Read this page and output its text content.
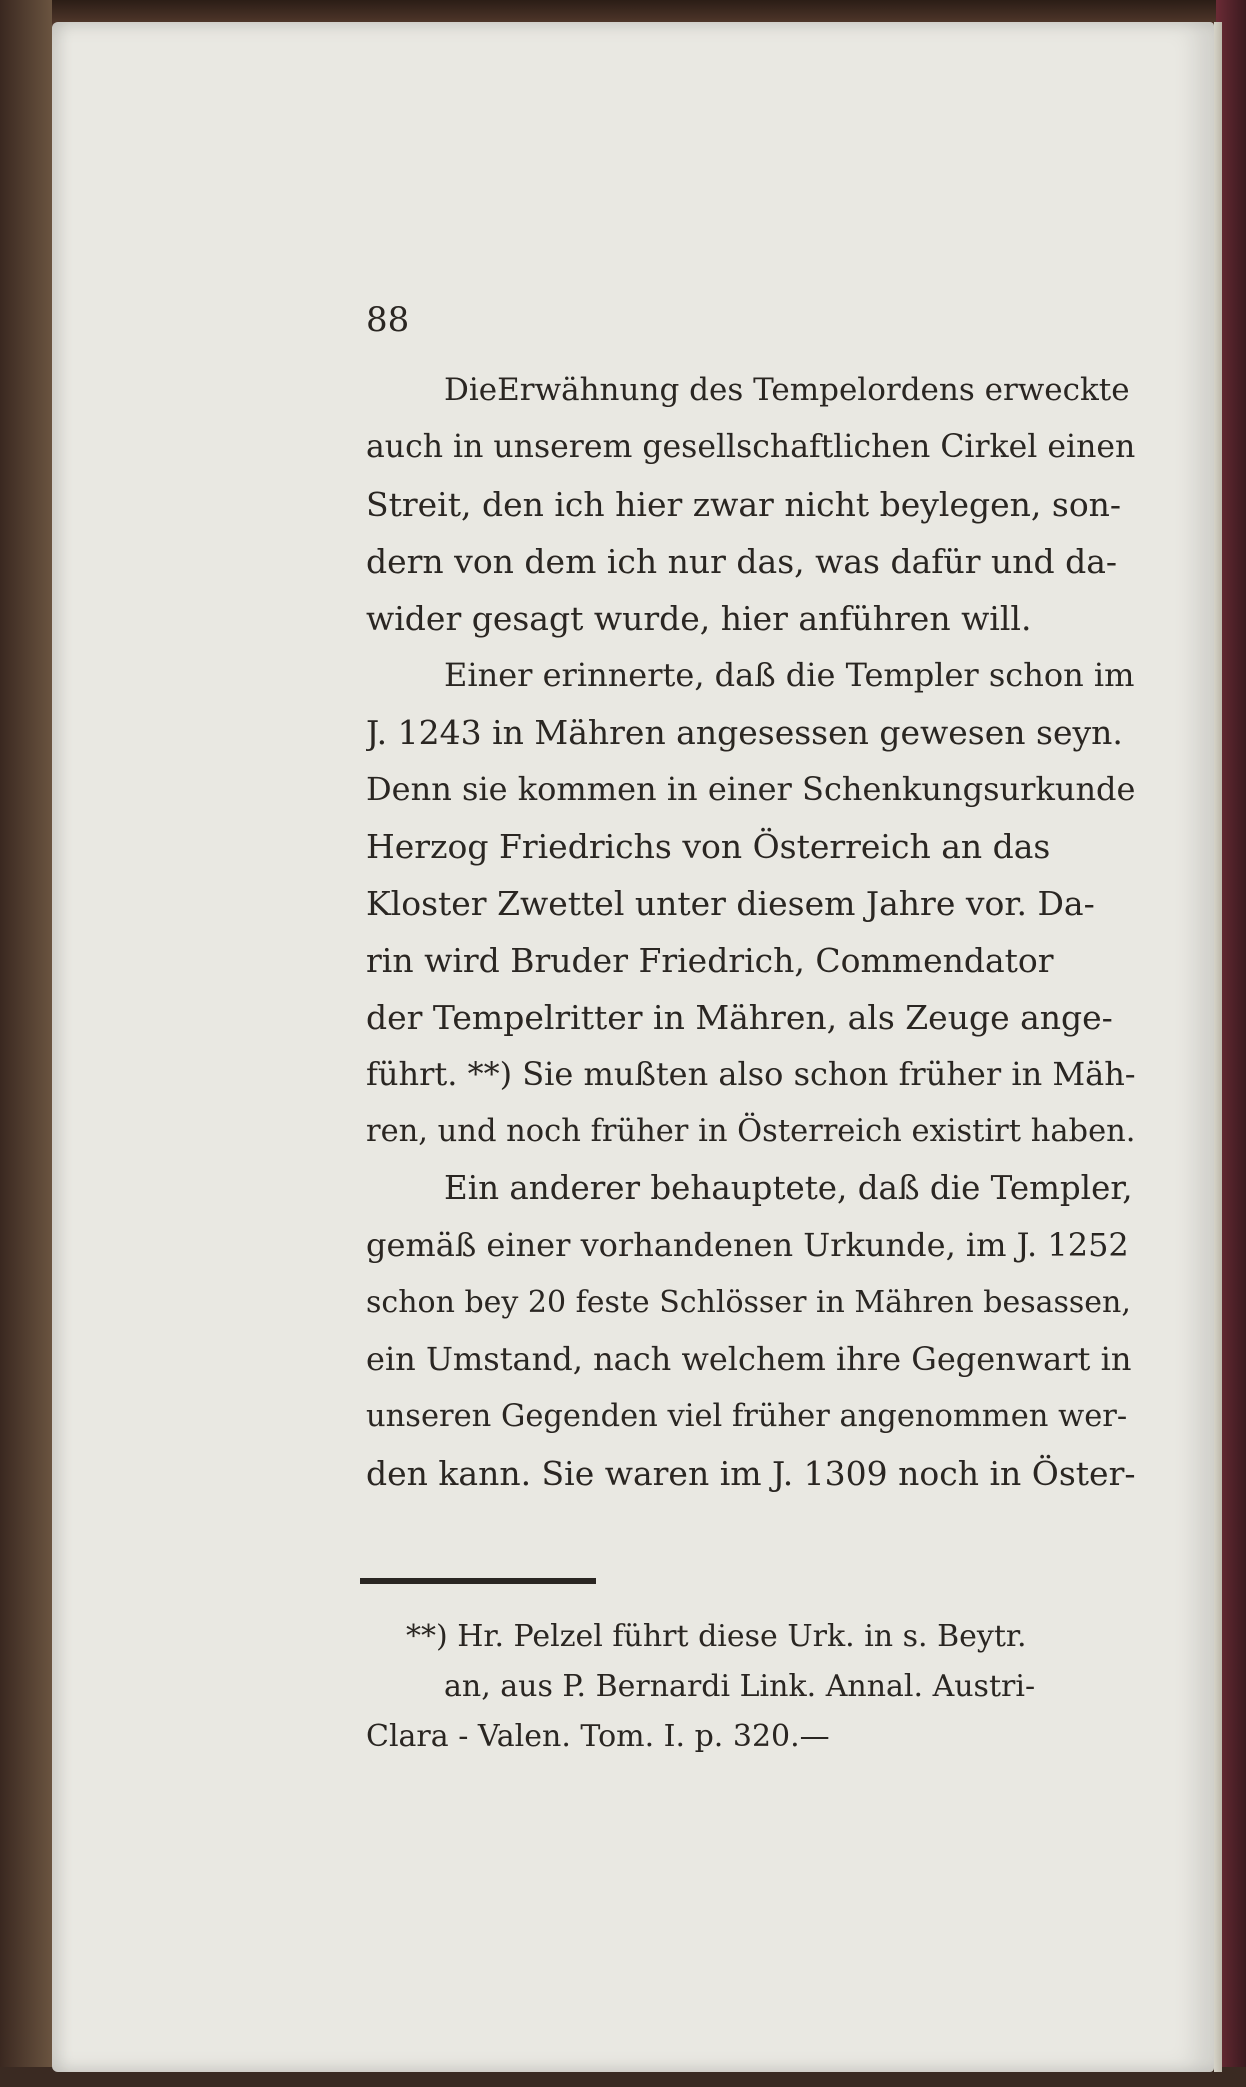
88
DieErwähnung des Tempelordens erweckte
auch in unserem gesellschaftlichen Cirkel einen
Streit, den ich hier zwar nicht beylegen, son-
dern von dem ich nur das, was dafür und da-
wider gesagt wurde, hier anführen will.
Einer erinnerte, daß die Templer schon im
J. 1243 in Mähren angesessen gewesen seyn.
Denn sie kommen in einer Schenkungsurkunde
Herzog Friedrichs von Österreich an das
Kloster Zwettel unter diesem Jahre vor. Da-
rin wird Bruder Friedrich, Commendator
der Tempelritter in Mähren, als Zeuge ange-
führt. **) Sie mußten also schon früher in Mäh-
ren, und noch früher in Österreich existirt haben.
Ein anderer behauptete, daß die Templer,
gemäß einer vorhandenen Urkunde, im J. 1252
schon bey 20 feste Schlösser in Mähren besassen,
ein Umstand, nach welchem ihre Gegenwart in
unseren Gegenden viel früher angenommen wer-
den kann. Sie waren im J. 1309 noch in Öster-
**) Hr. Pelzel führt diese Urk. in s. Beytr.
an, aus P. Bernardi Link. Annal. Austri-
Clara - Valen. Tom. I. p. 320.—
